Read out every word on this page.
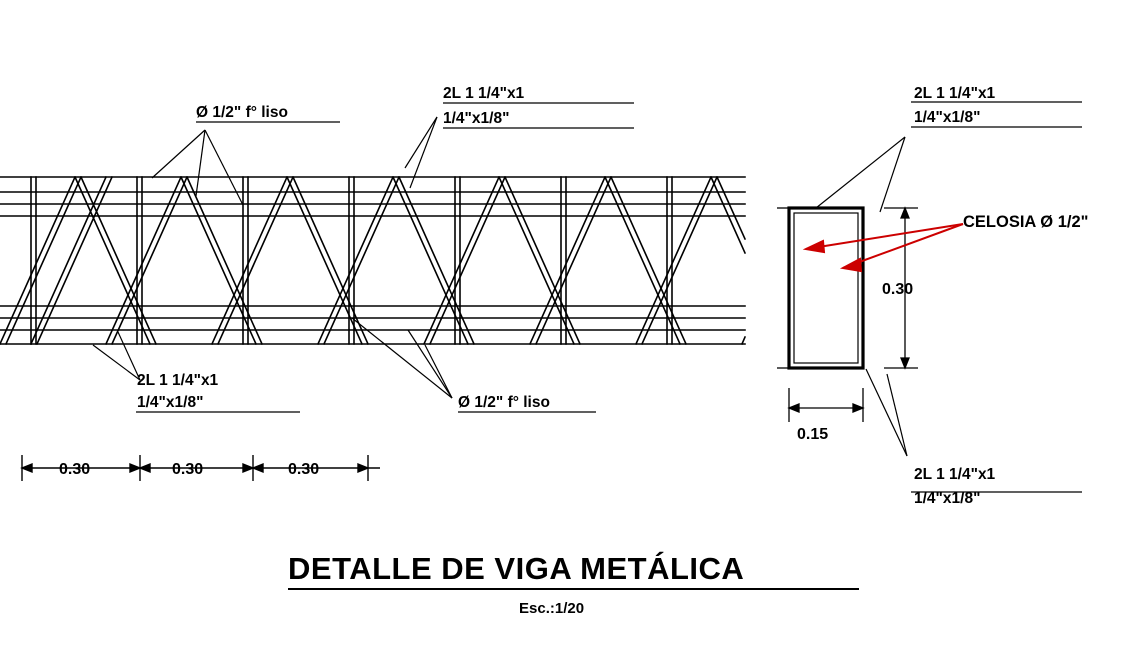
Ø 1/2" f° liso
2L 1 1/4"x1
1/4"x1/8"
2L 1 1/4"x1
1/4"x1/8"	Ø 1/2" f° liso
0.30	0.30	0.30
2L 1 1/4"x1
1/4"x1/8"
CELOSIA Ø 1/2"
2L 1 1/4"x1
1/4"x1/8"
0.30
0.15
DETALLE DE VIGA METÁLICA
Esc.:1/20
